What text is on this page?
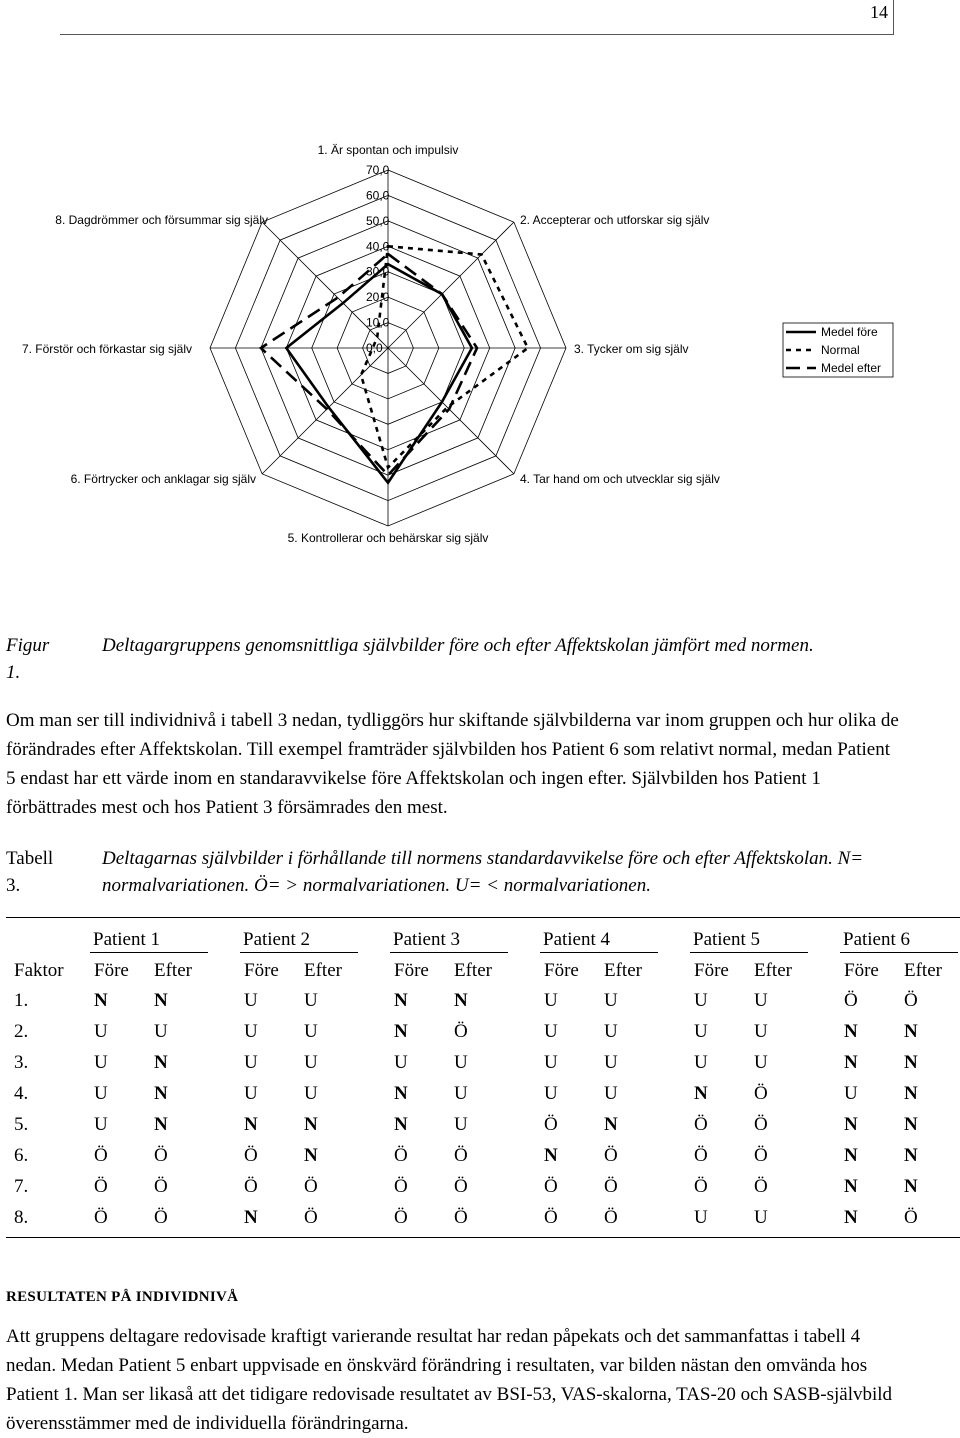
14
0,0
10,0
20,0
30,0
40,0
50,0
60,0
70,0
1. Är spontan och impulsiv
2. Accepterar och utforskar sig själv
3. Tycker om sig själv
4. Tar hand om och utvecklar sig själv
5. Kontrollerar och behärskar sig själv
6. Förtrycker och anklagar sig själv
7. Förstör och förkastar sig själv
8. Dagdrömmer och försummar sig själv
Medel före
Normal
Medel efter
Figur 1.
Deltagargruppens genomsnittliga självbilder före och efter Affektskolan jämfört med normen.
Om man ser till individnivå i tabell 3 nedan, tydliggörs hur skiftande självbilderna var inom gruppen och hur olika de förändrades efter Affektskolan. Till exempel framträder självbilden hos Patient 6 som relativt normal, medan Patient 5 endast har ett värde inom en standaravvikelse före Affektskolan och ingen efter. Självbilden hos Patient 1 förbättrades mest och hos Patient 3 försämrades den mest.
Tabell 3.
Deltagarnas självbilder i förhållande till normens standardavvikelse före och efter Affektskolan. N= normalvariationen. Ö= > normalvariationen. U= < normalvariationen.
Patient 1	Patient 2	Patient 3	Patient 4	Patient 5	Patient 6
Faktor Före Efter	Före Efter	Före Efter	Före Efter	Före Efter	Före Efter
1.	N N	U U	N N	U U	U U	Ö Ö
2.	U U	U U	N Ö	U U	U U	N N
3.	U N	U U	U U	U U	U U	N N
4.	U N	U U	N U	U U	N Ö	U N
5.	U N	N N	N U	Ö N	Ö Ö	N N
6.	Ö Ö	Ö N	Ö Ö	N Ö	Ö Ö	N N
7.	Ö Ö	Ö Ö	Ö Ö	Ö Ö	Ö Ö	N N
8.	Ö Ö	N Ö	Ö Ö	Ö Ö	U U	N Ö
RESULTATEN PÅ INDIVIDNIVÅ
Att gruppens deltagare redovisade kraftigt varierande resultat har redan påpekats och det sammanfattas i tabell 4 nedan. Medan Patient 5 enbart uppvisade en önskvärd förändring i resultaten, var bilden nästan den omvända hos Patient 1. Man ser likaså att det tidigare redovisade resultatet av BSI-53, VAS-skalorna, TAS-20 och SASB-självbild överensstämmer med de individuella förändringarna.
